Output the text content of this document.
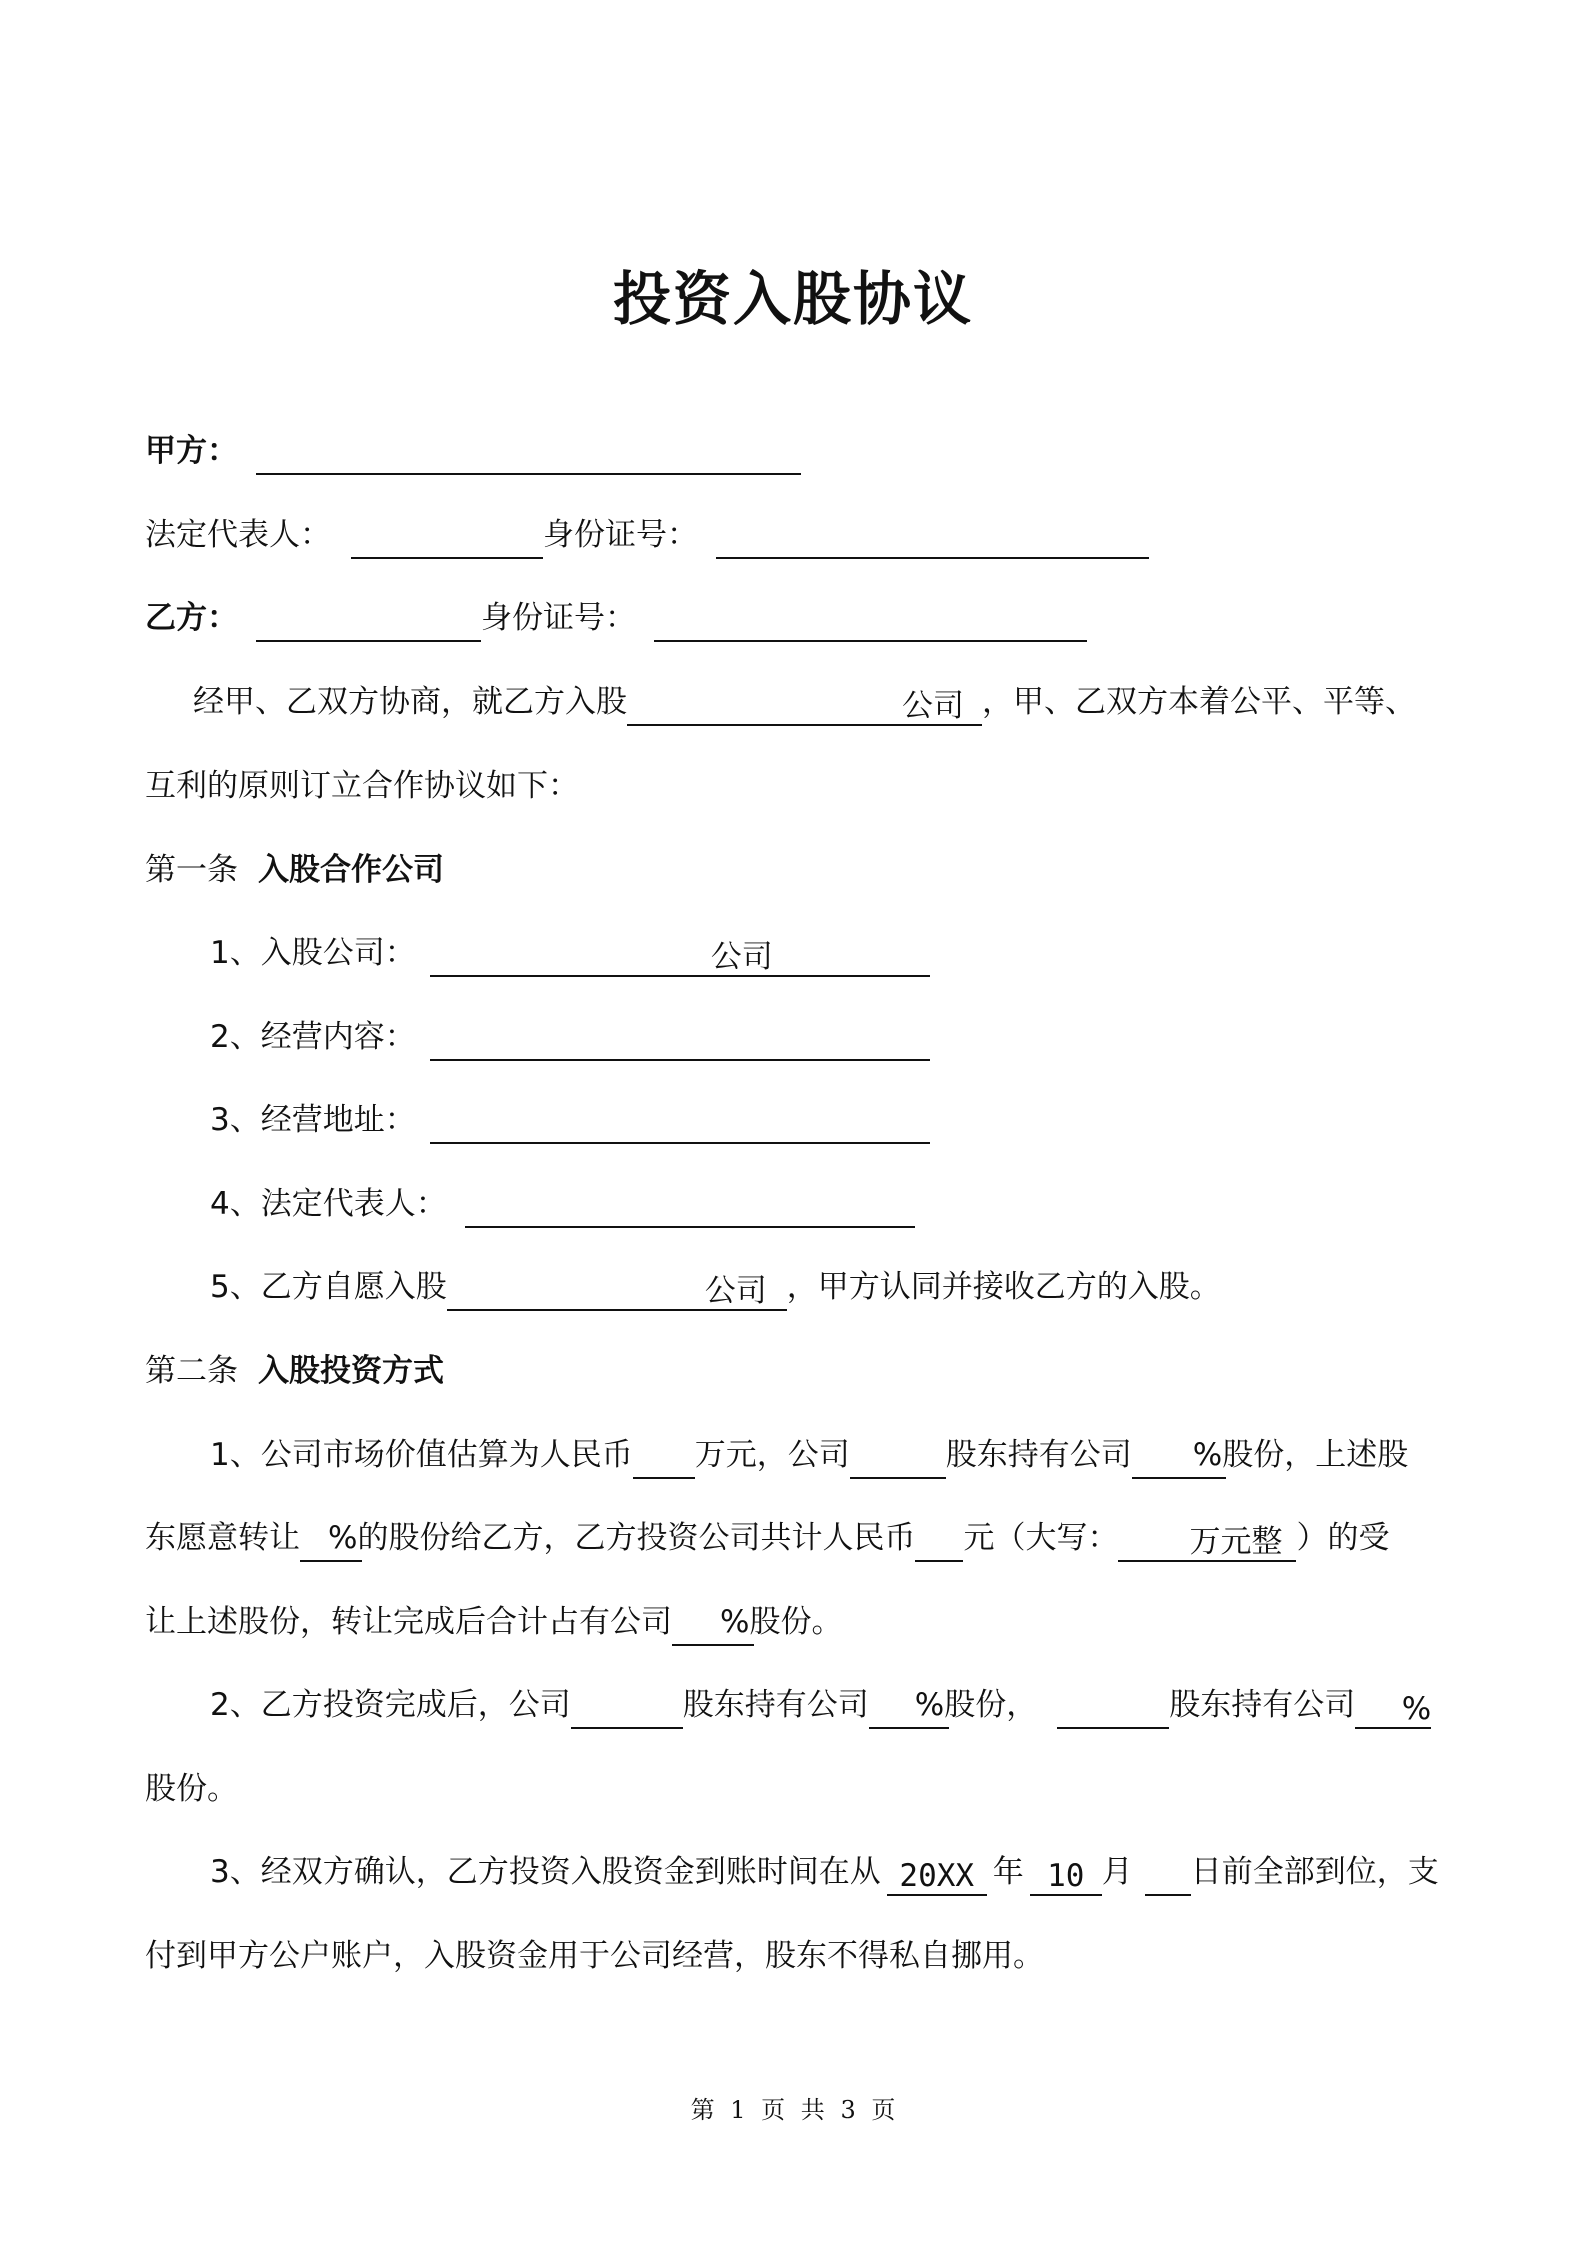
投资入股协议
甲方：
法定代表人：	身份证号：
乙方：	身份证号：
经甲、乙双方协商，就乙方入股	公司 ，甲、乙双方本着公平、平等、
互利的原则订立合作协议如下：
第一条 入股合作公司
1、入股公司：	公司
2、经营内容：
3、经营地址：
4、法定代表人：
5、乙方自愿入股	公司 ，甲方认同并接收乙方的入股。
第二条 入股投资方式
1、公司市场价值估算为人民币 万元，公司	股东持有公司 %股份，上述股
东愿意转让 %的股份给乙方，乙方投资公司共计人民币 元（大写：	万元整 ）的受
让上述股份，转让完成后合计占有公司 %股份。
2、乙方投资完成后，公司	股东持有公司 %股份，	股东持有公司	%
股份。
3、经双方确认，乙方投资入股资金到账时间在从 20XX 年 10 月 日前全部到位，支
付到甲方公户账户，入股资金用于公司经营，股东不得私自挪用。
第 1 页 共 3 页
